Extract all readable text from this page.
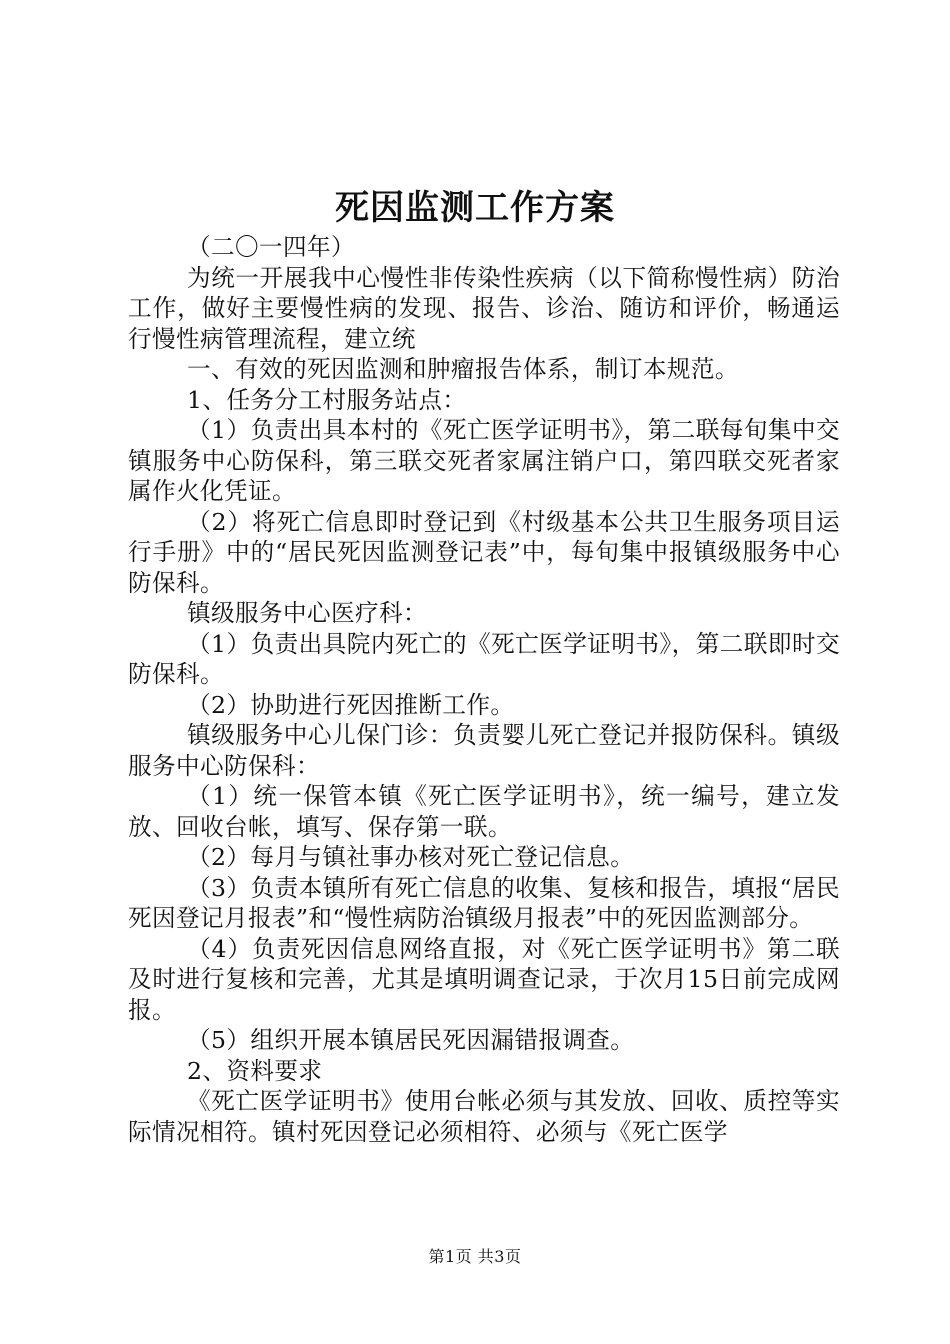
死因监测工作方案

（二〇一四年）

为统一开展我中心慢性非传染性疾病（以下简称慢性病）防治工作，做好主要慢性病的发现、报告、诊治、随访和评价，畅通运行慢性病管理流程，建立统

一、有效的死因监测和肿瘤报告体系，制订本规范。

1、任务分工村服务站点：

（1）负责出具本村的《死亡医学证明书》，第二联每旬集中交镇服务中心防保科，第三联交死者家属注销户口，第四联交死者家属作火化凭证。

（2）将死亡信息即时登记到《村级基本公共卫生服务项目运行手册》中的“居民死因监测登记表”中，每旬集中报镇级服务中心防保科。

镇级服务中心医疗科：

（1）负责出具院内死亡的《死亡医学证明书》，第二联即时交防保科。

（2）协助进行死因推断工作。

镇级服务中心儿保门诊：负责婴儿死亡登记并报防保科。镇级服务中心防保科：

（1）统一保管本镇《死亡医学证明书》，统一编号，建立发放、回收台帐，填写、保存第一联。

（2）每月与镇社事办核对死亡登记信息。

（3）负责本镇所有死亡信息的收集、复核和报告，填报“居民死因登记月报表”和“慢性病防治镇级月报表”中的死因监测部分。

（4）负责死因信息网络直报，对《死亡医学证明书》第二联及时进行复核和完善，尤其是填明调查记录，于次月15日前完成网报。

（5）组织开展本镇居民死因漏错报调查。

2、资料要求

《死亡医学证明书》使用台帐必须与其发放、回收、质控等实际情况相符。镇村死因登记必须相符、必须与《死亡医学

第1页 共3页
